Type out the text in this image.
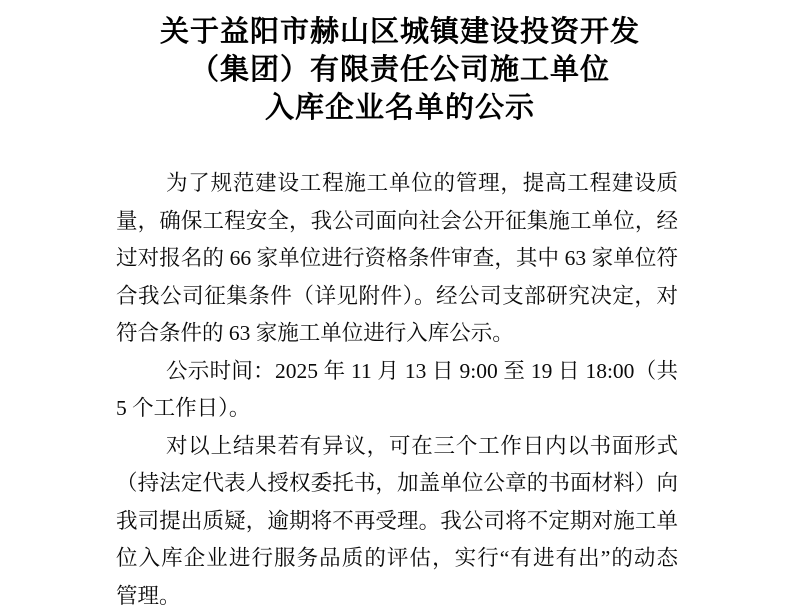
关于益阳市赫山区城镇建设投资开发
（集团）有限责任公司施工单位
入库企业名单的公示

为了规范建设工程施工单位的管理，提高工程建设质
量，确保工程安全，我公司面向社会公开征集施工单位，经
过对报名的 66 家单位进行资格条件审查，其中 63 家单位符
合我公司征集条件（详见附件）。经公司支部研究决定，对
符合条件的 63 家施工单位进行入库公示。

公示时间：2025 年 11 月 13 日 9:00 至 19 日 18:00（共
5 个工作日）。

对以上结果若有异议，可在三个工作日内以书面形式
（持法定代表人授权委托书，加盖单位公章的书面材料）向
我司提出质疑，逾期将不再受理。我公司将不定期对施工单
位入库企业进行服务品质的评估，实行“有进有出”的动态
管理。
